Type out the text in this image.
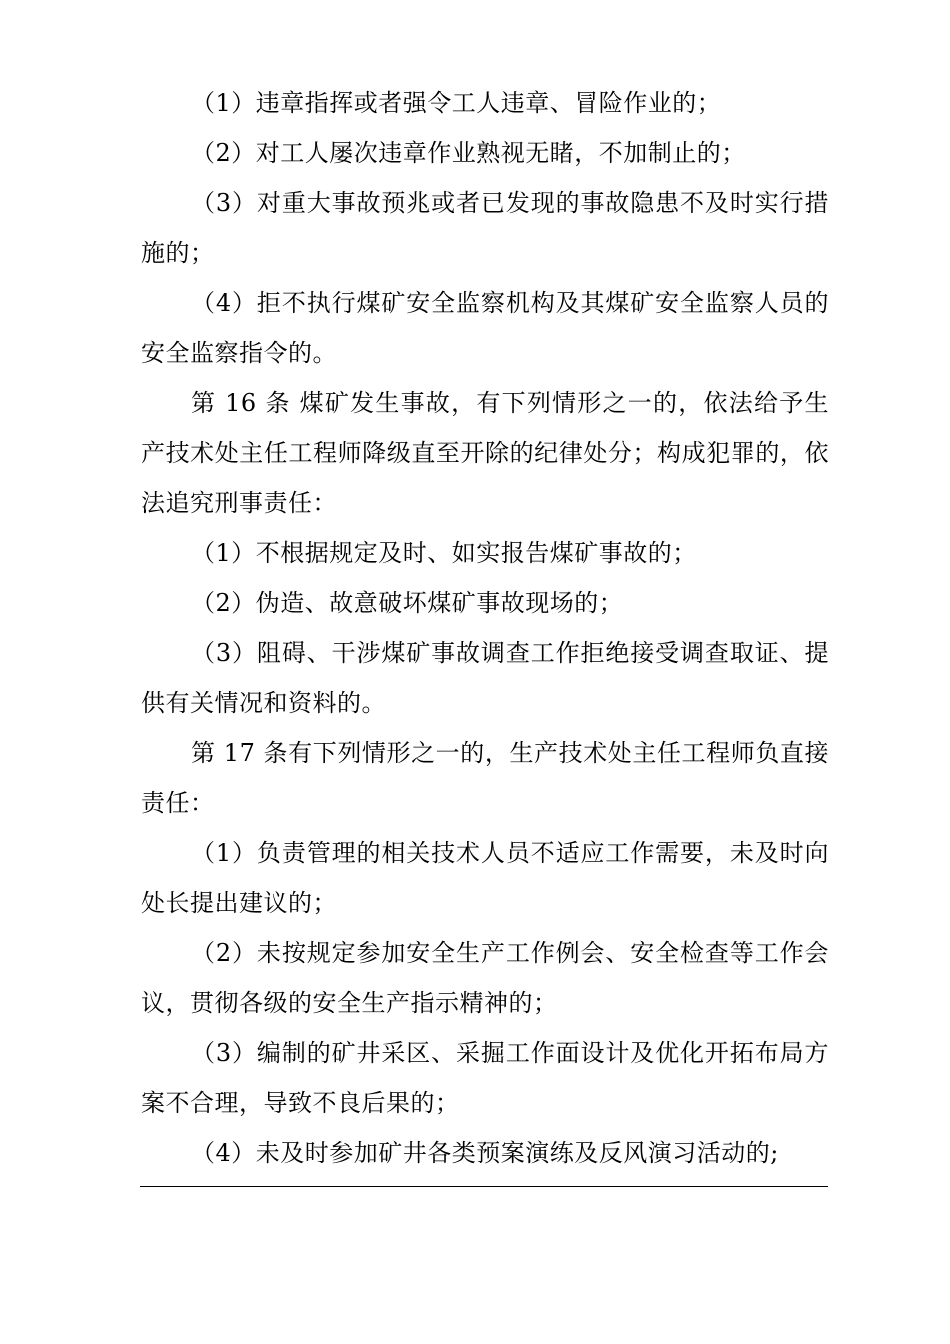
（1）违章指挥或者强令工人违章、冒险作业的；

（2）对工人屡次违章作业熟视无睹，不加制止的；

（3）对重大事故预兆或者已发现的事故隐患不及时实行措施的；

（4）拒不执行煤矿安全监察机构及其煤矿安全监察人员的安全监察指令的。

第 16 条 煤矿发生事故，有下列情形之一的，依法给予生产技术处主任工程师降级直至开除的纪律处分；构成犯罪的，依法追究刑事责任：

（1）不根据规定及时、如实报告煤矿事故的；

（2）伪造、故意破坏煤矿事故现场的；

（3）阻碍、干涉煤矿事故调查工作拒绝接受调查取证、提供有关情况和资料的。

第 17 条有下列情形之一的，生产技术处主任工程师负直接责任：

（1）负责管理的相关技术人员不适应工作需要，未及时向处长提出建议的；

（2）未按规定参加安全生产工作例会、安全检查等工作会议，贯彻各级的安全生产指示精神的；

（3）编制的矿井采区、采掘工作面设计及优化开拓布局方案不合理，导致不良后果的；

（4）未及时参加矿井各类预案演练及反风演习活动的;
